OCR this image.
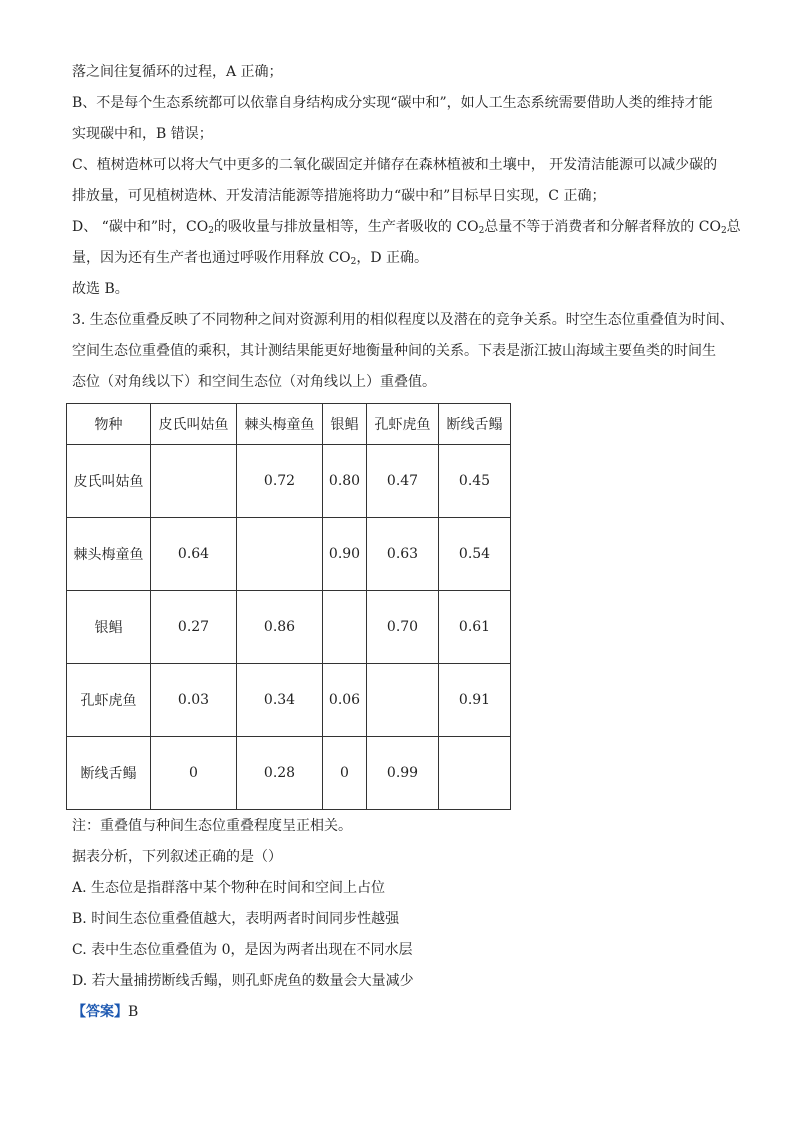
落之间往复循环的过程，A 正确；

B、不是每个生态系统都可以依靠自身结构成分实现“碳中和”，如人工生态系统需要借助人类的维持才能

实现碳中和，B 错误；

C、植树造林可以将大气中更多的二氧化碳固定并储存在森林植被和土壤中， 开发清洁能源可以减少碳的

排放量，可见植树造林、开发清洁能源等措施将助力“碳中和”目标早日实现，C 正确；

D、 “碳中和”时，$CO_2$的吸收量与排放量相等，生产者吸收的 $CO_2$总量不等于消费者和分解者释放的 $CO_2$总

量，因为还有生产者也通过呼吸作用释放 $CO_2$，D 正确。

故选 B。

3. 生态位重叠反映了不同物种之间对资源利用的相似程度以及潜在的竞争关系。时空生态位重叠值为时间、

空间生态位重叠值的乘积，其计测结果能更好地衡量种间的关系。下表是浙江披山海域主要鱼类的时间生

态位（对角线以下）和空间生态位（对角线以上）重叠值。

物种	皮氏叫姑鱼	棘头梅童鱼	银鲳	孔虾虎鱼	断线舌鳎
皮氏叫姑鱼		0.72	0.80	0.47	0.45
棘头梅童鱼	0.64		0.90	0.63	0.54
银鲳	0.27	0.86		0.70	0.61
孔虾虎鱼	0.03	0.34	0.06		0.91
断线舌鳎	0	0.28	0	0.99	

注：重叠值与种间生态位重叠程度呈正相关。

据表分析，下列叙述正确的是（）

A. 生态位是指群落中某个物种在时间和空间上占位

B. 时间生态位重叠值越大，表明两者时间同步性越强

C. 表中生态位重叠值为 0，是因为两者出现在不同水层

D. 若大量捕捞断线舌鳎，则孔虾虎鱼的数量会大量减少

【答案】B
